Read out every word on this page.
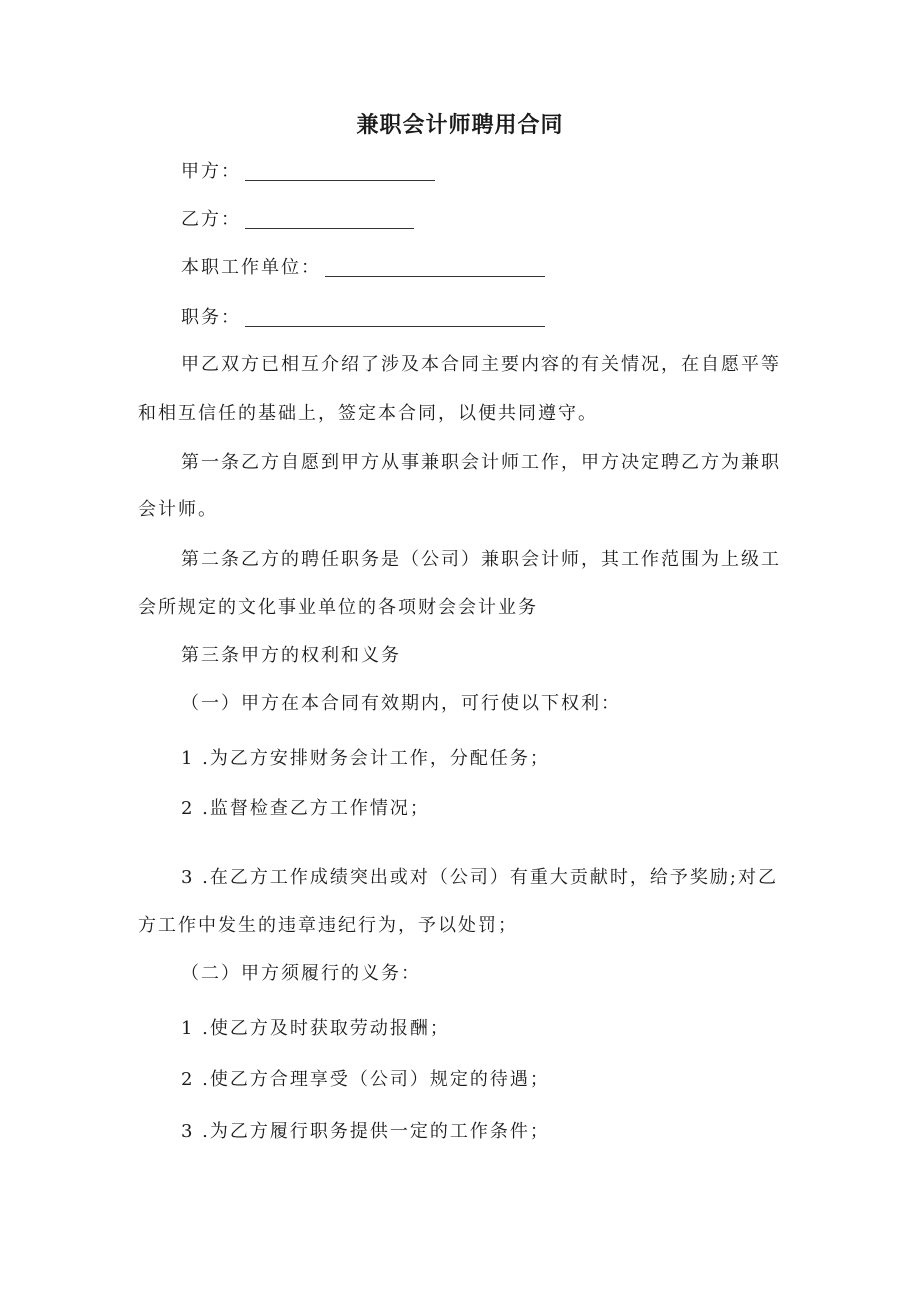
兼职会计师聘用合同
甲方：
乙方：
本职工作单位：
职务：
甲乙双方已相互介绍了涉及本合同主要内容的有关情况，在自愿平等
和相互信任的基础上，签定本合同，以便共同遵守。
第一条乙方自愿到甲方从事兼职会计师工作，甲方决定聘乙方为兼职
会计师。
第二条乙方的聘任职务是（公司）兼职会计师，其工作范围为上级工
会所规定的文化事业单位的各项财会会计业务
第三条甲方的权利和义务
（一）甲方在本合同有效期内，可行使以下权利：
1 .为乙方安排财务会计工作，分配任务；
2 .监督检查乙方工作情况；
3 .在乙方工作成绩突出或对（公司）有重大贡献时，给予奖励;对乙
方工作中发生的违章违纪行为，予以处罚；
（二）甲方须履行的义务：
1 .使乙方及时获取劳动报酬；
2 .使乙方合理享受（公司）规定的待遇；
3 .为乙方履行职务提供一定的工作条件；
